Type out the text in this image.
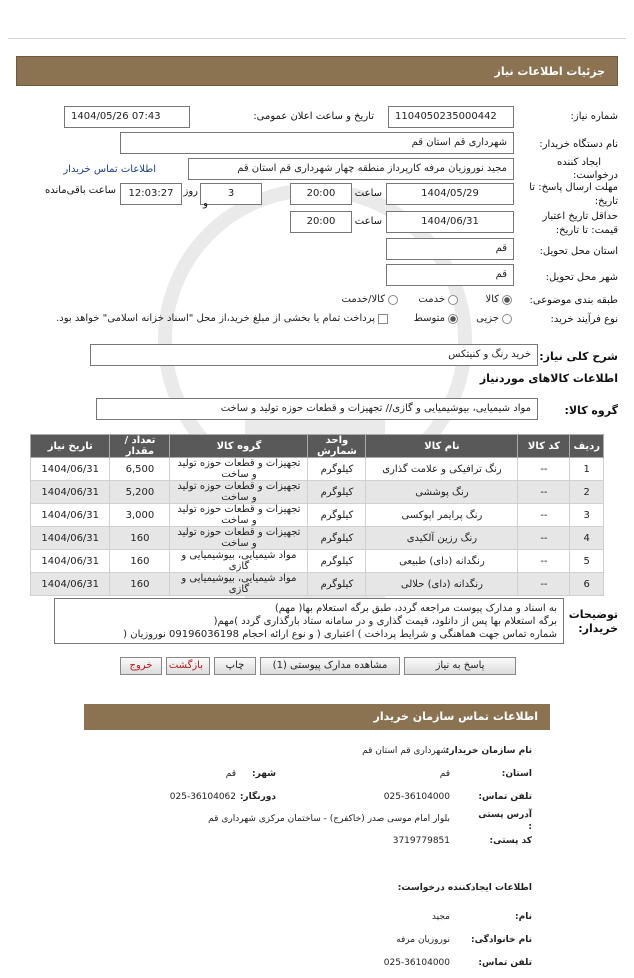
جزئیات اطلاعات نیاز
شماره نیاز:
1104050235000442
تاریخ و ساعت اعلان عمومی:
1404/05/26 07:43
نام دستگاه خریدار:
شهرداری قم استان قم
ایجاد کننده
درخواست:
مجید نوروزیان مرفه کارپرداز منطقه چهار شهرداری قم استان قم
اطلاعات تماس خریدار
مهلت ارسال پاسخ: تا
تاریخ:
1404/05/29
ساعت
20:00
3
روز
و
12:03:27
ساعت باقی‌مانده
حداقل تاریخ اعتبار
قیمت: تا تاریخ:
1404/06/31
ساعت
20:00
استان محل تحویل:
قم
شهر محل تحویل:
قم
طبقه بندی موضوعی:
کالا
خدمت
کالا/خدمت
نوع فرآیند خرید:
جزیی
متوسط
پرداخت تمام یا بخشی از مبلغ خرید،از محل "اسناد خزانه اسلامی" خواهد بود.
شرح کلی نیاز:
خرید رنگ و کنیتکس
اطلاعات کالاهای موردنیاز
گروه کالا:
مواد شیمیایی، بیوشیمیایی و گازی// تجهیزات و قطعات حوزه تولید و ساخت
ردیف	کد کالا	نام کالا	واحد شمارش	گروه کالا	تعداد / مقدار	تاریخ نیاز
1	--	رنگ ترافیکی و علامت گذاری	کیلوگرم	تجهیزات و قطعات حوزه تولید و ساخت	6,500	1404/06/31
2	--	رنگ پوششی	کیلوگرم	تجهیزات و قطعات حوزه تولید و ساخت	5,200	1404/06/31
3	--	رنگ پرایمر اپوکسی	کیلوگرم	تجهیزات و قطعات حوزه تولید و ساخت	3,000	1404/06/31
4	--	رنگ رزین آلکیدی	کیلوگرم	تجهیزات و قطعات حوزه تولید و ساخت	160	1404/06/31
5	--	رنگدانه (دای) طبیعی	کیلوگرم	مواد شیمیایی، بیوشیمیایی و گازی	160	1404/06/31
6	--	رنگدانه (دای) حلالی	کیلوگرم	مواد شیمیایی، بیوشیمیایی و گازی	160	1404/06/31
توضیحات
خریدار:
به اسناد و مدارک پیوست مراجعه گردد، طبق برگه استعلام بها( مهم)
برگه استعلام بها پس از دانلود، قیمت گذاری و در سامانه ستاد بارگذاری گردد )مهم(
شماره تماس جهت هماهنگی و شرایط پرداخت ) اعتباری ( و نوع ارائه احجام 09196036198 نوروزیان (
پاسخ به نیاز
مشاهده مدارک پیوستی (1)
چاپ
بازگشت
خروج
اطلاعات تماس سازمان خریدار
نام سازمان خریدار:
شهرداری قم استان قم
استان:
قم
شهر:
قم
تلفن تماس:
025-36104000
دورنگار:
025-36104062
آدرس پستی
:
بلوار امام موسی صدر (خاکفرج) - ساختمان مرکزی شهرداری قم
کد پستی:
3719779851
اطلاعات ایجادکننده درخواست:
نام:
مجید
نام خانوادگی:
نوروزیان مرفه
تلفن تماس:
025-36104000
